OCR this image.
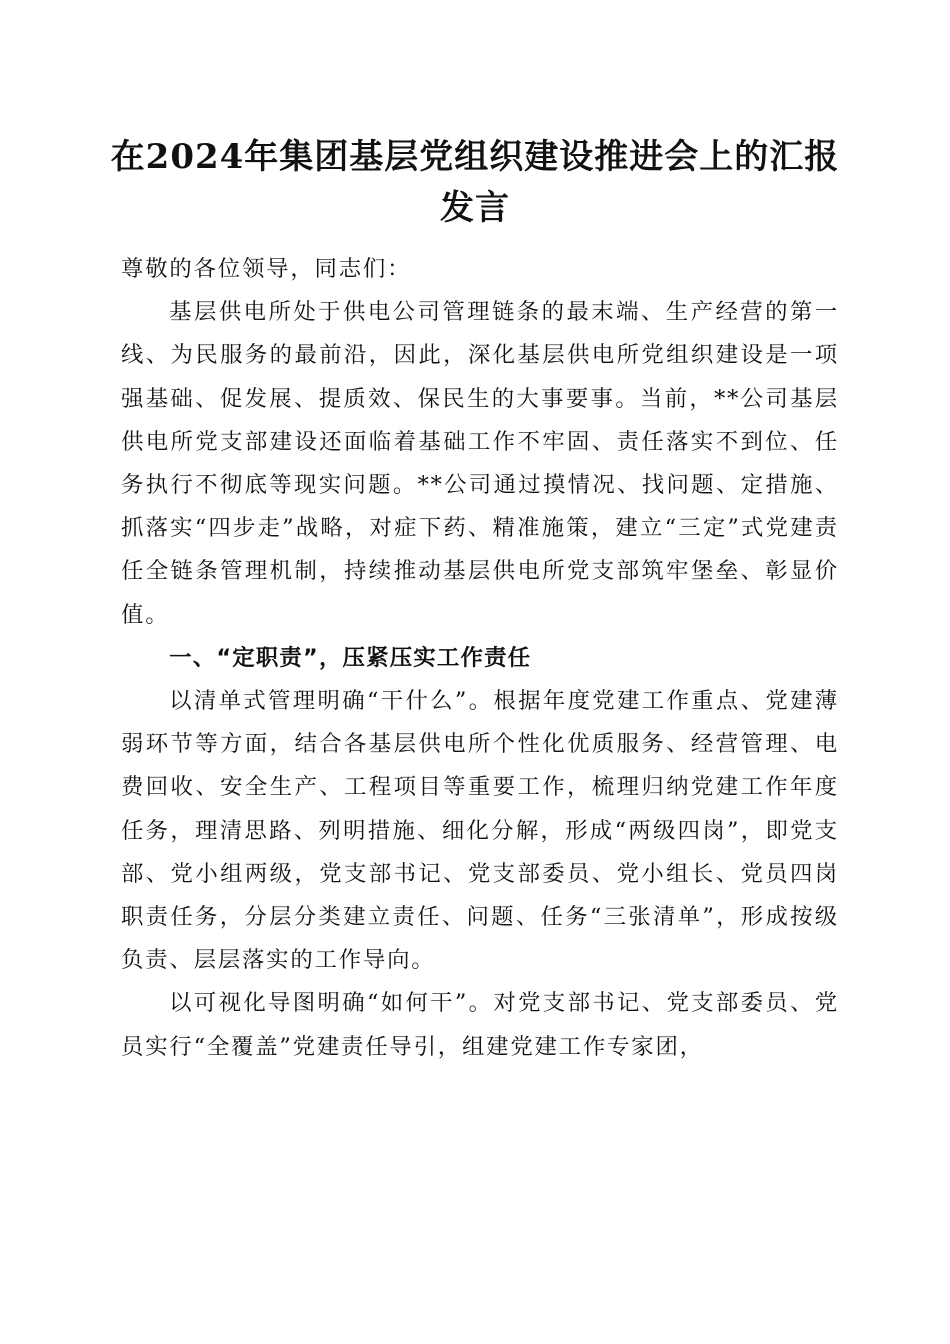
在2024年集团基层党组织建设推进会上的汇报发言

尊敬的各位领导，同志们：

基层供电所处于供电公司管理链条的最末端、生产经营的第一线、为民服务的最前沿，因此，深化基层供电所党组织建设是一项强基础、促发展、提质效、保民生的大事要事。当前，**公司基层供电所党支部建设还面临着基础工作不牢固、责任落实不到位、任务执行不彻底等现实问题。**公司通过摸情况、找问题、定措施、抓落实“四步走”战略，对症下药、精准施策，建立“三定”式党建责任全链条管理机制，持续推动基层供电所党支部筑牢堡垒、彰显价值。

一、“定职责”，压紧压实工作责任

以清单式管理明确“干什么”。根据年度党建工作重点、党建薄弱环节等方面，结合各基层供电所个性化优质服务、经营管理、电费回收、安全生产、工程项目等重要工作，梳理归纳党建工作年度任务，理清思路、列明措施、细化分解，形成“两级四岗”，即党支部、党小组两级，党支部书记、党支部委员、党小组长、党员四岗职责任务，分层分类建立责任、问题、任务“三张清单”，形成按级负责、层层落实的工作导向。

以可视化导图明确“如何干”。对党支部书记、党支部委员、党员实行“全覆盖”党建责任导引，组建党建工作专家团，
